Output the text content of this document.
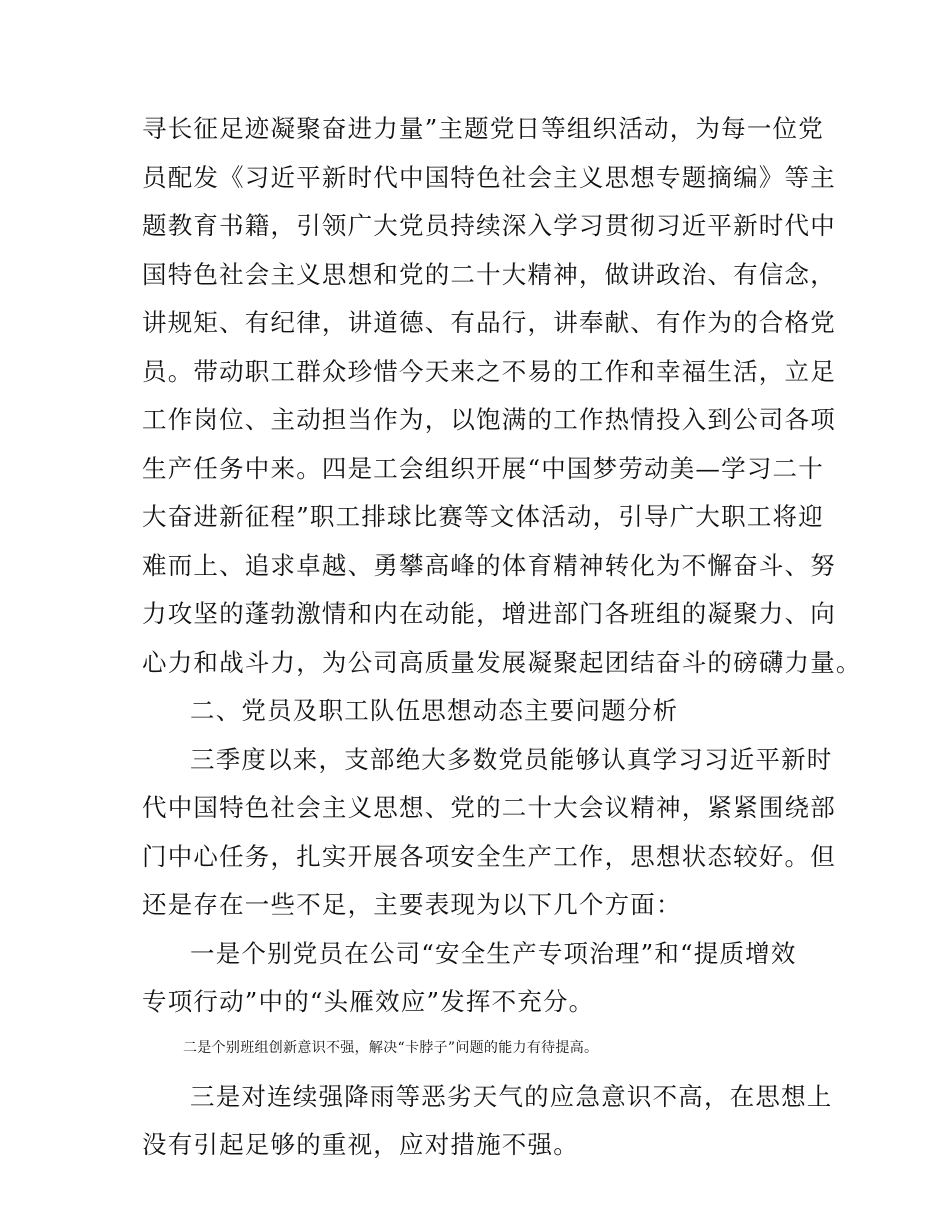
寻长征足迹凝聚奋进力量”主题党日等组织活动，为每一位党
员配发《习近平新时代中国特色社会主义思想专题摘编》等主
题教育书籍，引领广大党员持续深入学习贯彻习近平新时代中
国特色社会主义思想和党的二十大精神，做讲政治、有信念，
讲规矩、有纪律，讲道德、有品行，讲奉献、有作为的合格党
员。带动职工群众珍惜今天来之不易的工作和幸福生活，立足
工作岗位、主动担当作为，以饱满的工作热情投入到公司各项
生产任务中来。四是工会组织开展“中国梦劳动美—学习二十
大奋进新征程”职工排球比赛等文体活动，引导广大职工将迎
难而上、追求卓越、勇攀高峰的体育精神转化为不懈奋斗、努
力攻坚的蓬勃激情和内在动能，增进部门各班组的凝聚力、向
心力和战斗力，为公司高质量发展凝聚起团结奋斗的磅礴力量。
二、党员及职工队伍思想动态主要问题分析
三季度以来，支部绝大多数党员能够认真学习习近平新时
代中国特色社会主义思想、党的二十大会议精神，紧紧围绕部
门中心任务，扎实开展各项安全生产工作，思想状态较好。但
还是存在一些不足，主要表现为以下几个方面：
一是个别党员在公司“安全生产专项治理”和“提质增效
专项行动”中的“头雁效应”发挥不充分。
二是个别班组创新意识不强，解决“卡脖子”问题的能力有待提高。
三是对连续强降雨等恶劣天气的应急意识不高，在思想上
没有引起足够的重视，应对措施不强。
